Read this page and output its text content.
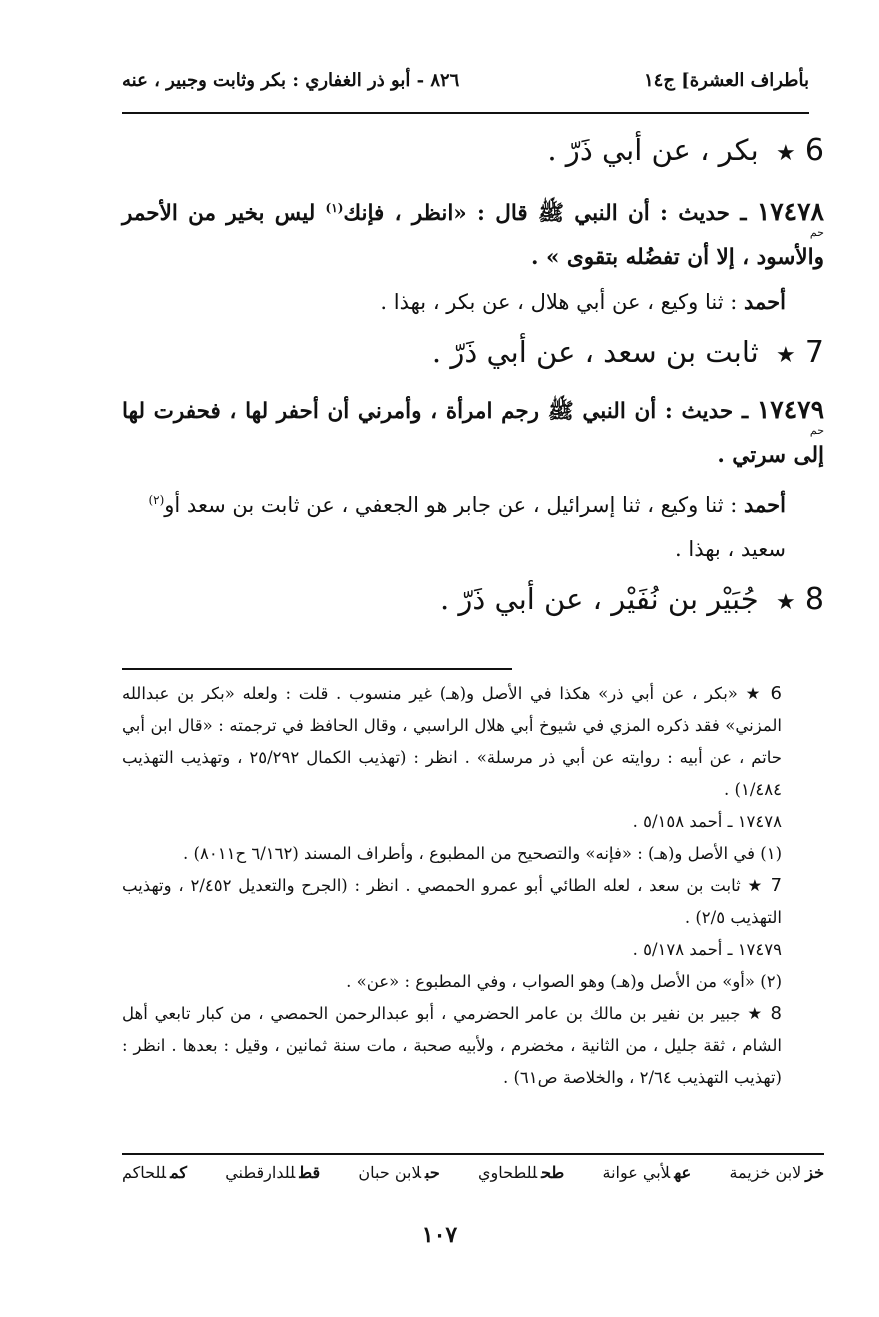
بأطراف العشرة] ج١٤
٨٢٦ - أبو ذر الغفاري : بكر وثابت وجبير ، عنه
6 ★ بكر ، عن أبي ذَرّ .
١٧٤٧٨
حم
ـ حديث : أن النبي ﷺ قال : «انظر ، فإنك$^{(١)}$ ليس بخير من الأحمر والأسود ، إلا أن تفضُله بتقوى » .
أحمد : ثنا وكيع ، عن أبي هلال ، عن بكر ، بهذا .
7 ★ ثابت بن سعد ، عن أبي ذَرّ .
١٧٤٧٩
حم
ـ حديث : أن النبي ﷺ رجم امرأة ، وأمرني أن أحفر لها ، فحفرت لها إلى سرتي .
أحمد : ثنا وكيع ، ثنا إسرائيل ، عن جابر هو الجعفي ، عن ثابت بن سعد أو$^{(٢)}$ سعيد ، بهذا .
8 ★ جُبَيْر بن نُفَيْر ، عن أبي ذَرّ .

6 ★ «بكر ، عن أبي ذر» هكذا في الأصل و(هـ) غير منسوب . قلت : ولعله «بكر بن عبدالله المزني» فقد ذكره المزي في شيوخ أبي هلال الراسبي ، وقال الحافظ في ترجمته : «قال ابن أبي حاتم ، عن أبيه : روايته عن أبي ذر مرسلة» . انظر : (تهذيب الكمال ٢٥/٢٩٢ ، وتهذيب التهذيب ١/٤٨٤) .

١٧٤٧٨ ـ أحمد ٥/١٥٨ .

(١) في الأصل و(هـ) : «فإنه» والتصحيح من المطبوع ، وأطراف المسند (٦/١٦٢ ح٨٠١١) .

7 ★ ثابت بن سعد ، لعله الطائي أبو عمرو الحمصي . انظر : (الجرح والتعديل ٢/٤٥٢ ، وتهذيب التهذيب ٢/٥) .

١٧٤٧٩ ـ أحمد ٥/١٧٨ .

(٢) «أو» من الأصل و(هـ) وهو الصواب ، وفي المطبوع : «عن» .

8 ★ جبير بن نفير بن مالك بن عامر الحضرمي ، أبو عبدالرحمن الحمصي ، من كبار تابعي أهل الشام ، ثقة جليل ، من الثانية ، مخضرم ، ولأبيه صحبة ، مات سنة ثمانين ، وقيل : بعدها . انظر : (تهذيب التهذيب ٢/٦٤ ، والخلاصة ص٦١) .

خزلابن خزيمة
عهلأبي عوانة
طحللطحاوي
حبلابن حبان
قطللدارقطني
كمللحاكم
١٠٧
